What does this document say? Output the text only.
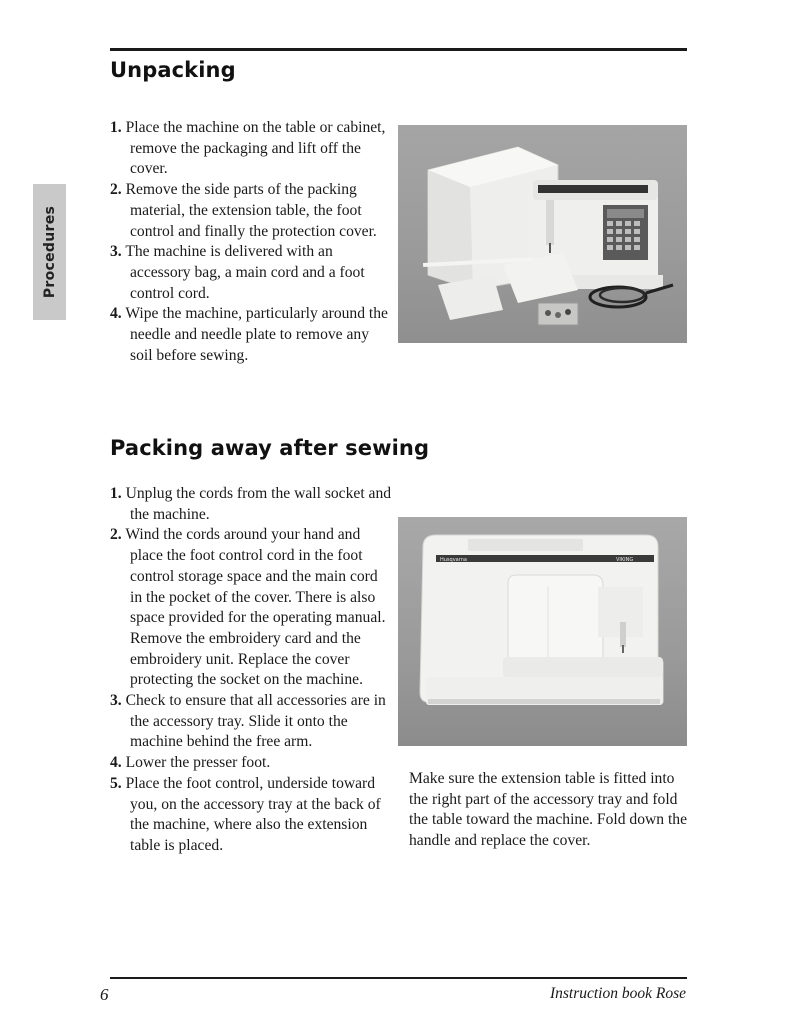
Procedures
Unpacking
1. Place the machine on the table or cabinet, remove the packaging and lift off the cover.
2. Remove the side parts of the packing material, the extension table, the foot control and finally the protection cover.
3. The machine is delivered with an accessory bag, a main cord and a foot control cord.
4. Wipe the machine, particularly around the needle and needle plate to remove any soil before sewing.
Packing away after sewing
1. Unplug the cords from the wall socket and the machine.
2. Wind the cords around your hand and place the foot control cord in the foot control storage space and the main cord in the pocket of the cover. There is also space provided for the operating manual. Remove the embroidery card and the embroidery unit. Replace the cover protecting the socket on the machine.
3. Check to ensure that all accessories are in the accessory tray. Slide it onto the machine behind the free arm.
4. Lower the presser foot.
5. Place the foot control, underside toward you, on the accessory tray at the back of the machine, where also the extension table is placed.
Husqvarna	VIKING

Make sure the extension table is fitted into the right part of the accessory tray and fold the table toward the machine. Fold down the handle and replace the cover.

6	Instruction book Rose
